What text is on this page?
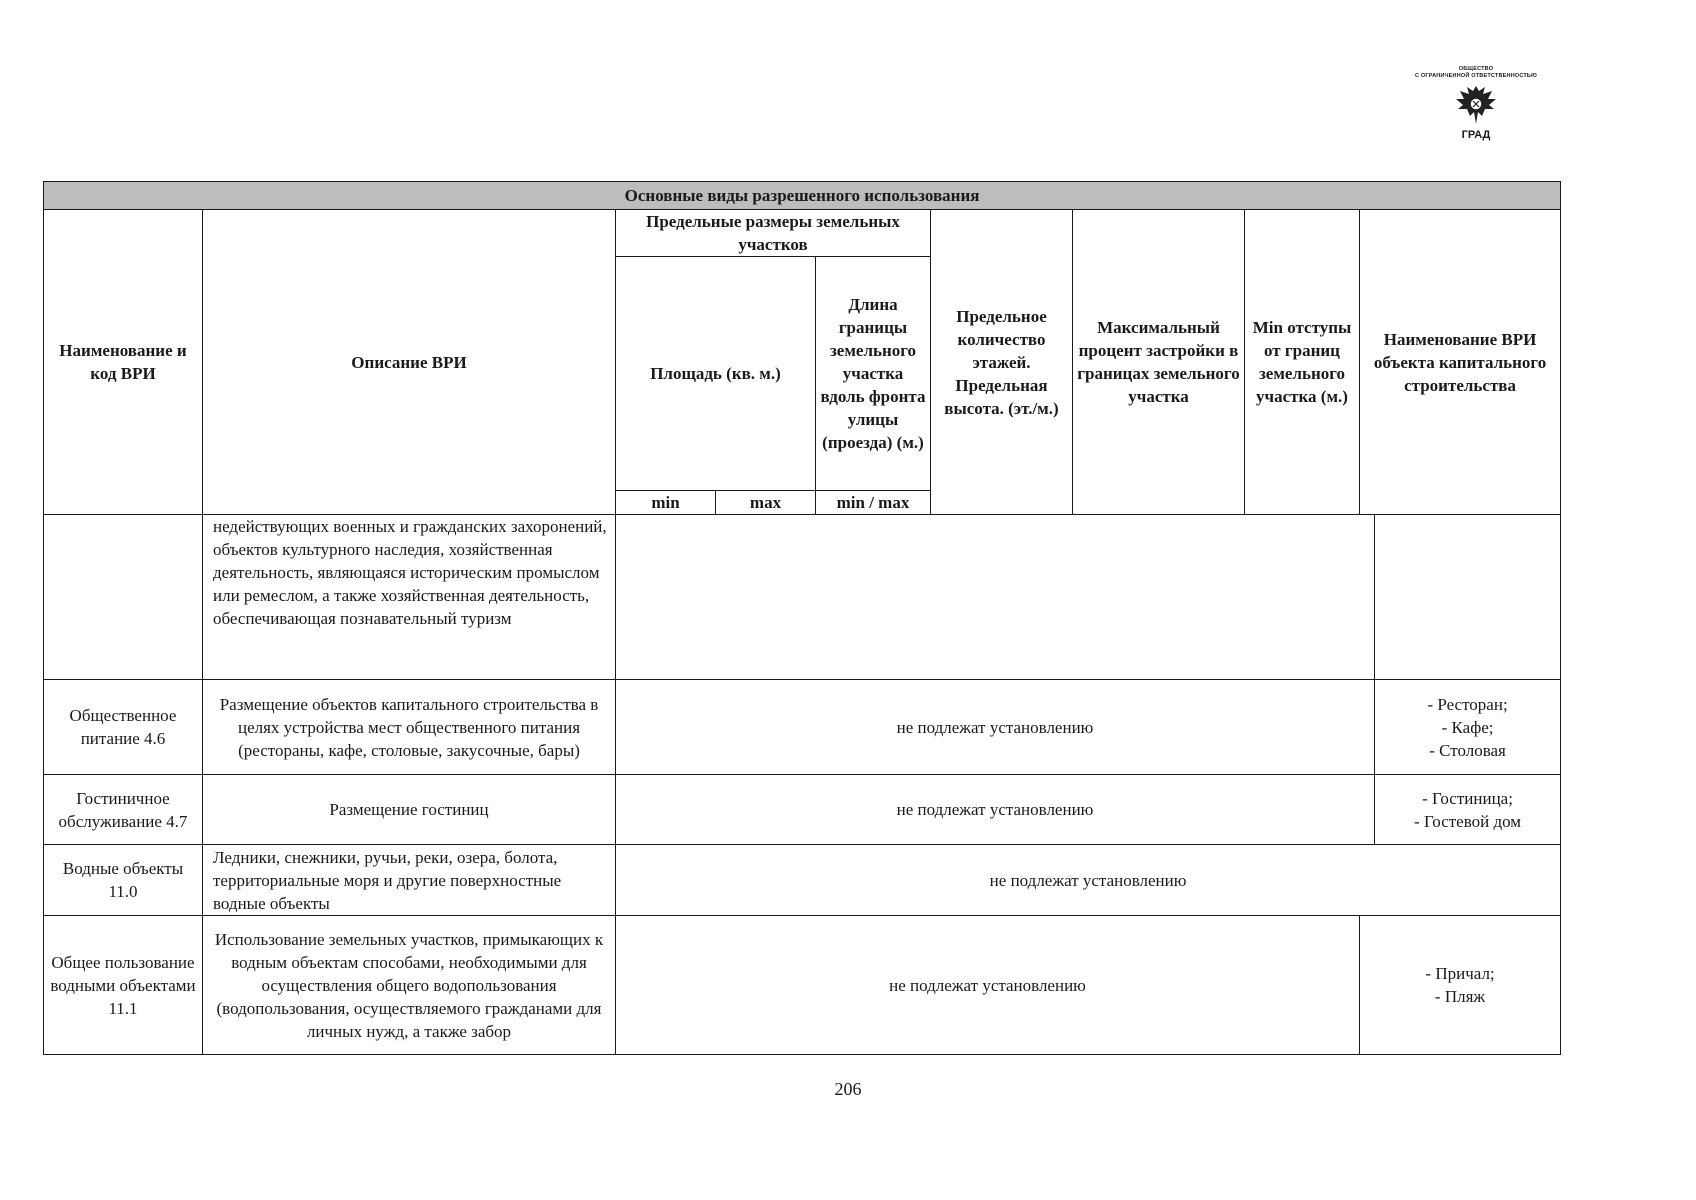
ОБЩЕСТВО
С ОГРАНИЧЕННОЙ ОТВЕТСТВЕННОСТЬЮ
ГРАД
Основные виды разрешенного использования									
Наименование и код ВРИ	Описание ВРИ	Предельные размеры земельных участков			Предельное количество этажей. Предельная высота. (эт./м.)	Максимальный процент застройки в границах земельного участка	Min отступы от границ земельного участка (м.)	Наименование ВРИ объекта капитального строительства	
		Площадь (кв. м.)		Длина границы земельного участка вдоль фронта улицы (проезда) (м.)					
		min	max	min / max					
	недействующих военных и гражданских захоронений, объектов культурного наследия, хозяйственная деятельность, являющаяся историческим промыслом или ремеслом, а также хозяйственная деятельность, обеспечивающая познавательный туризм								
Общественное питание 4.6	Размещение объектов капитального строительства в целях устройства мест общественного питания (рестораны, кафе, столовые, закусочные, бары)	не подлежат установлению							- Ресторан;
- Кафе;
- Столовая
Гостиничное обслуживание 4.7	Размещение гостиниц	не подлежат установлению							- Гостиница;
- Гостевой дом
Водные объекты 11.0	Ледники, снежники, ручьи, реки, озера, болота, территориальные моря и другие поверхностные водные объекты	не подлежат установлению							
Общее пользование водными объектами 11.1	Использование земельных участков, примыкающих к водным объектам способами, необходимыми для осуществления общего водопользования (водопользования, осуществляемого гражданами для личных нужд, а также забор	не подлежат установлению						- Причал;
- Пляж	
206
